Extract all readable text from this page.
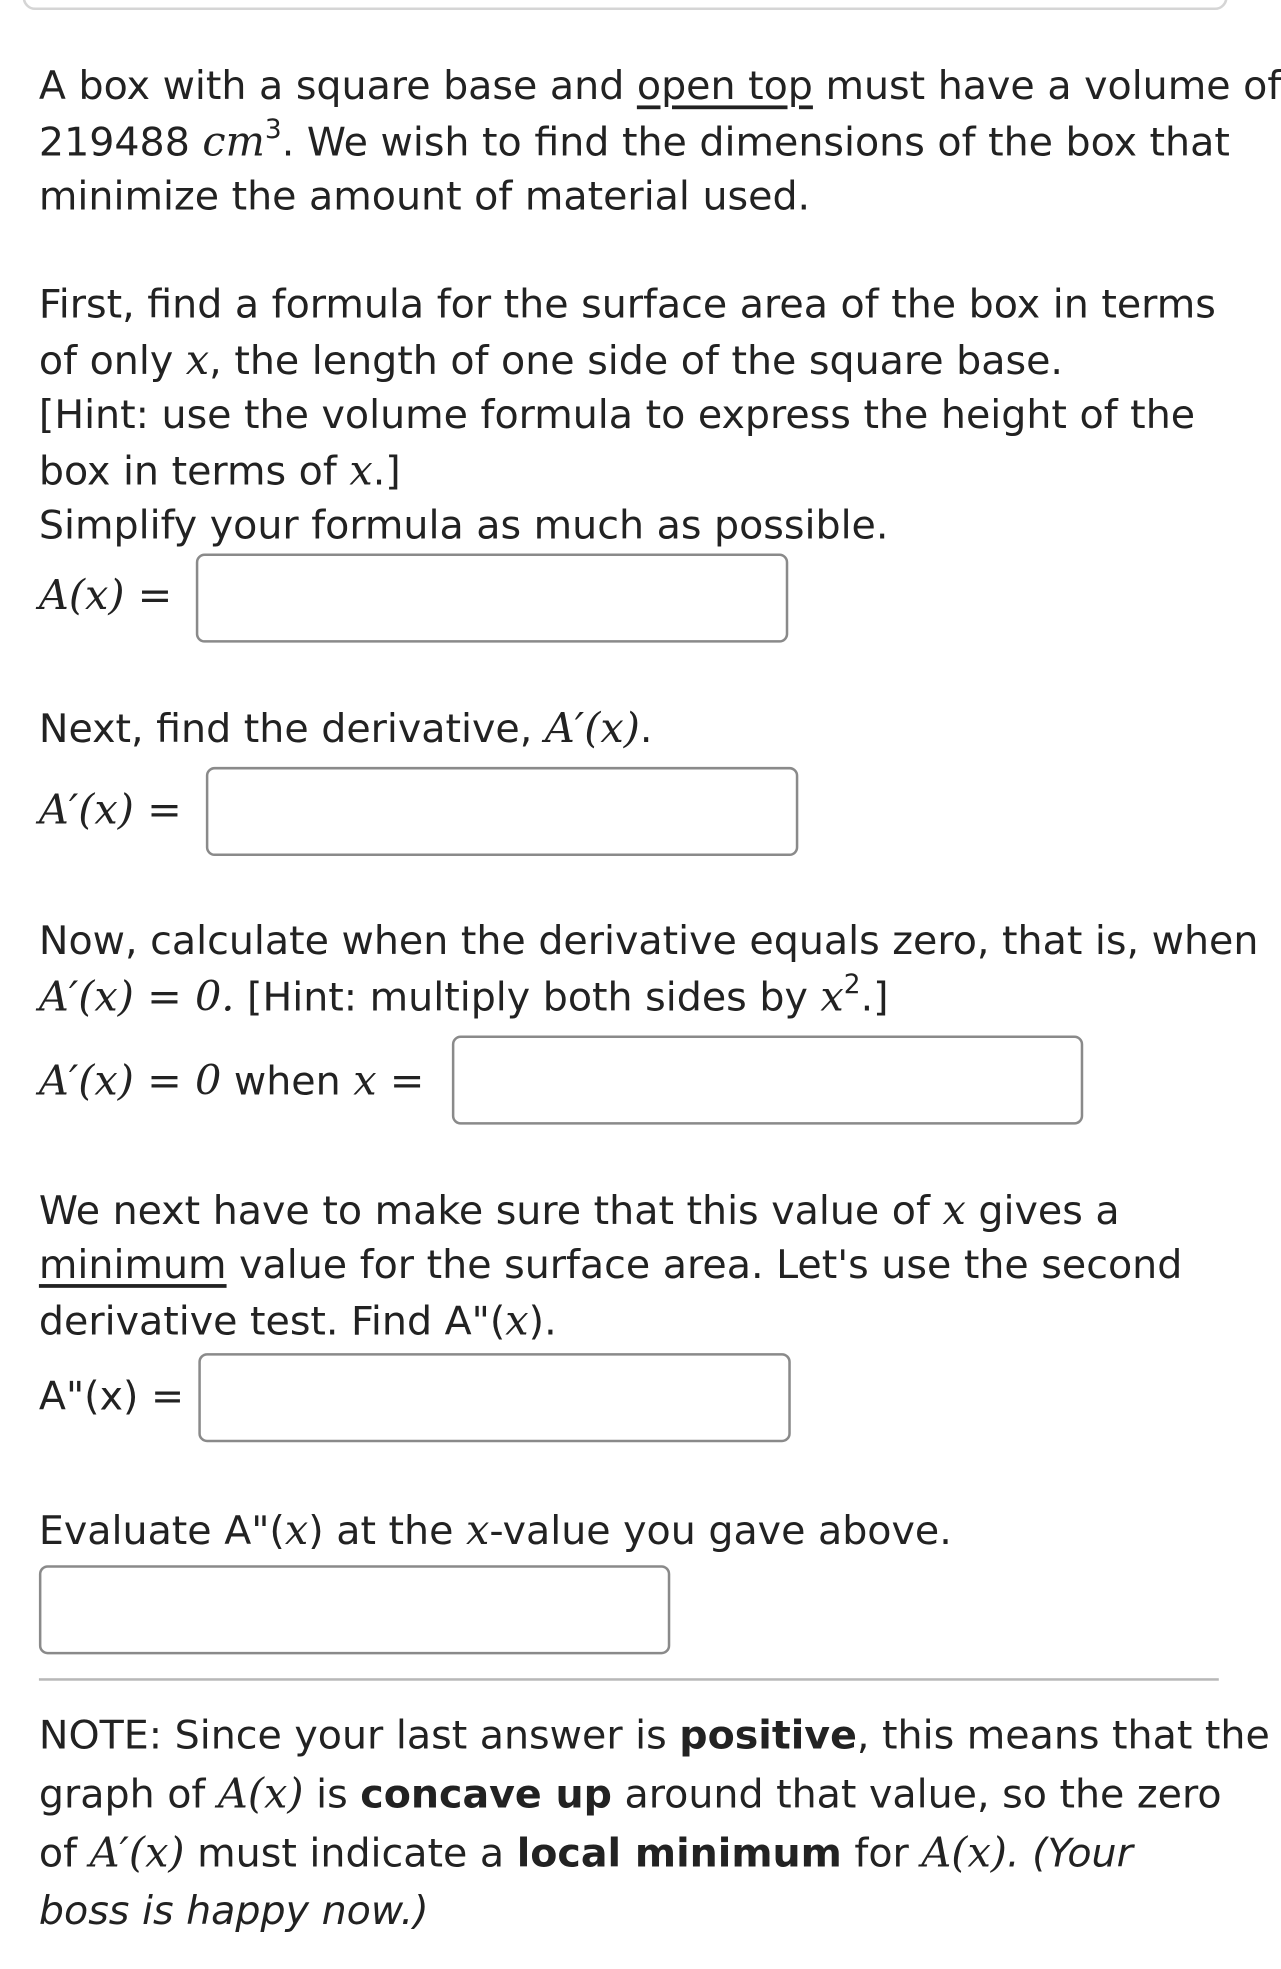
A box with a square base and open top must have a volume of
219488 $cm^3$. We wish to find the dimensions of the box that
minimize the amount of material used.
First, find a formula for the surface area of the box in terms
of only x, the length of one side of the square base.
[Hint: use the volume formula to express the height of the
box in terms of x.]
Simplify your formula as much as possible.
A(x) =
Next, find the derivative, A′(x).
A′(x) =
Now, calculate when the derivative equals zero, that is, when
A′(x) = 0. [Hint: multiply both sides by $x^2$.]
A′(x) = 0 when x =
We next have to make sure that this value of x gives a
minimum value for the surface area. Let's use the second
derivative test. Find A"(x).
A"(x) =
Evaluate A"(x) at the x-value you gave above.
NOTE: Since your last answer is positive, this means that the
graph of A(x) is concave up around that value, so the zero
of A′(x) must indicate a local minimum for A(x). (Your
boss is happy now.)
